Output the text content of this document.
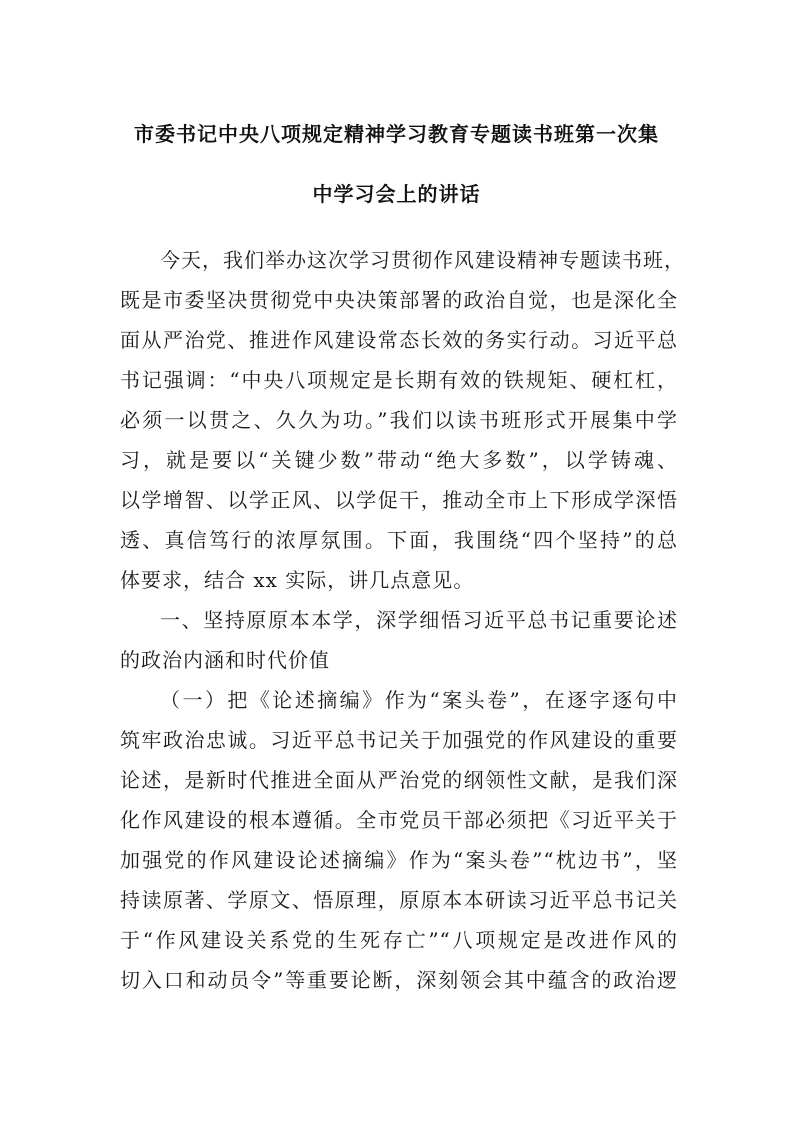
市委书记中央八项规定精神学习教育专题读书班第一次集
中学习会上的讲话
今天，我们举办这次学习贯彻作风建设精神专题读书班，
既是市委坚决贯彻党中央决策部署的政治自觉，也是深化全
面从严治党、推进作风建设常态长效的务实行动。习近平总
书记强调：“中央八项规定是长期有效的铁规矩、硬杠杠，
必须一以贯之、久久为功。”我们以读书班形式开展集中学
习，就是要以“关键少数”带动“绝大多数”，以学铸魂、
以学增智、以学正风、以学促干，推动全市上下形成学深悟
透、真信笃行的浓厚氛围。下面，我围绕“四个坚持”的总
体要求，结合 xx 实际，讲几点意见。
一、坚持原原本本学，深学细悟习近平总书记重要论述
的政治内涵和时代价值
（一）把《论述摘编》作为“案头卷”，在逐字逐句中
筑牢政治忠诚。习近平总书记关于加强党的作风建设的重要
论述，是新时代推进全面从严治党的纲领性文献，是我们深
化作风建设的根本遵循。全市党员干部必须把《习近平关于
加强党的作风建设论述摘编》作为“案头卷”“枕边书”，坚
持读原著、学原文、悟原理，原原本本研读习近平总书记关
于“作风建设关系党的生死存亡”“八项规定是改进作风的
切入口和动员令”等重要论断，深刻领会其中蕴含的政治逻
